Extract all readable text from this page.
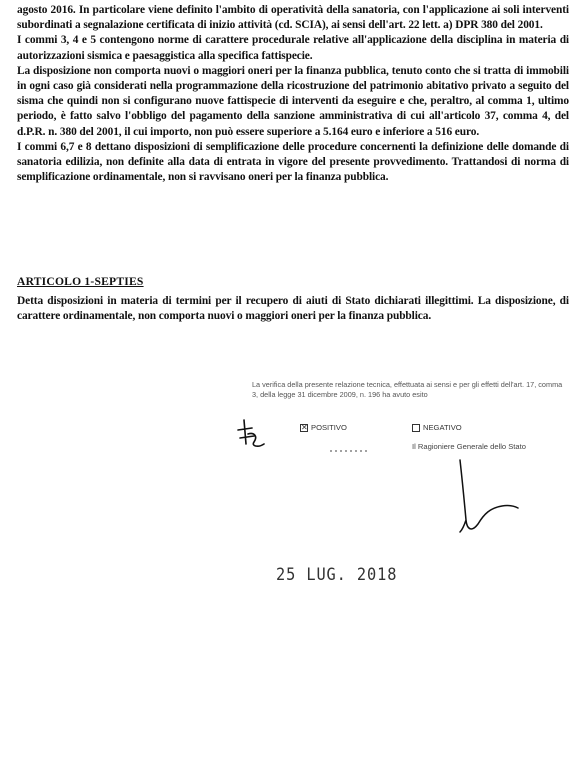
agosto 2016. In particolare viene definito l'ambito di operatività della sanatoria, con l'applicazione ai soli interventi subordinati a segnalazione certificata di inizio attività (cd. SCIA), ai sensi dell'art. 22 lett. a) DPR 380 del 2001.

I commi 3, 4 e 5 contengono norme di carattere procedurale relative all'applicazione della disciplina in materia di autorizzazioni sismica e paesaggistica alla specifica fattispecie.

La disposizione non comporta nuovi o maggiori oneri per la finanza pubblica, tenuto conto che si tratta di immobili in ogni caso già considerati nella programmazione della ricostruzione del patrimonio abitativo privato a seguito del sisma che quindi non si configurano nuove fattispecie di interventi da eseguire e che, peraltro, al comma 1, ultimo periodo, è fatto salvo l'obbligo del pagamento della sanzione amministrativa di cui all'articolo 37, comma 4, del d.P.R. n. 380 del 2001, il cui importo, non può essere superiore a 5.164 euro e inferiore a 516 euro.

I commi 6,7 e 8 dettano disposizioni di semplificazione delle procedure concernenti la definizione delle domande di sanatoria edilizia, non definite alla data di entrata in vigore del presente provvedimento. Trattandosi di norma di semplificazione ordinamentale, non si ravvisano oneri per la finanza pubblica.

ARTICOLO 1-SEPTIES

Detta disposizioni in materia di termini per il recupero di aiuti di Stato dichiarati illegittimi. La disposizione, di carattere ordinamentale, non comporta nuovi o maggiori oneri per la finanza pubblica.

La verifica della presente relazione tecnica, effettuata ai sensi e per gli effetti dell'art. 17, comma 3, della legge 31 dicembre 2009, n. 196 ha avuto esito
✕ POSITIVO	NEGATIVO
Il Ragioniere Generale dello Stato
25 LUG. 2018
